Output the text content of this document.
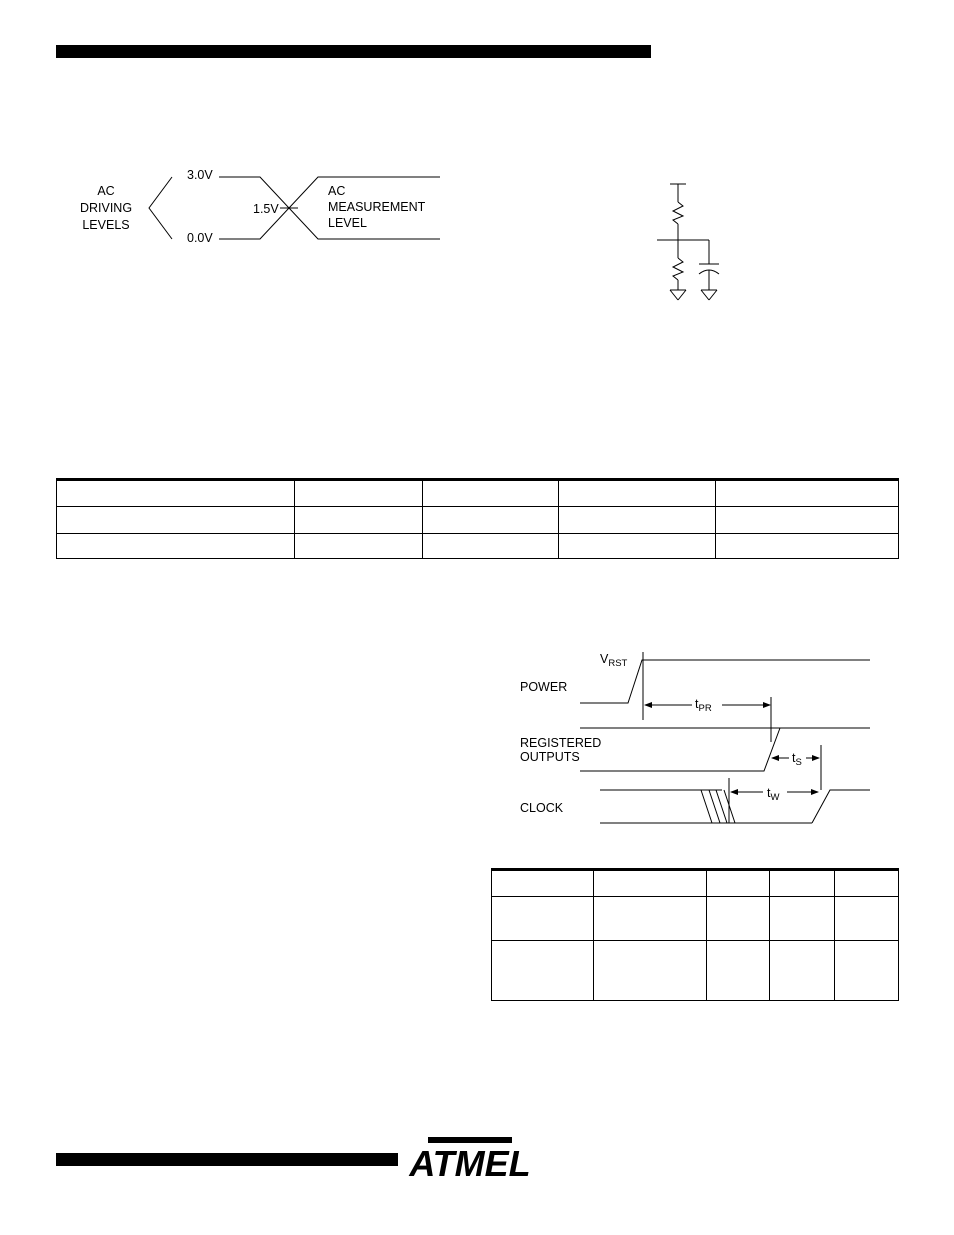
AC
DRIVING
LEVELS
3.0V
0.0V
1.5V
AC
MEASUREMENT
LEVEL

$V_{RST}$
POWER
REGISTERED
OUTPUTS
CLOCK
$t_{PR}$
$t_S$
$t_W$

ATMEL
